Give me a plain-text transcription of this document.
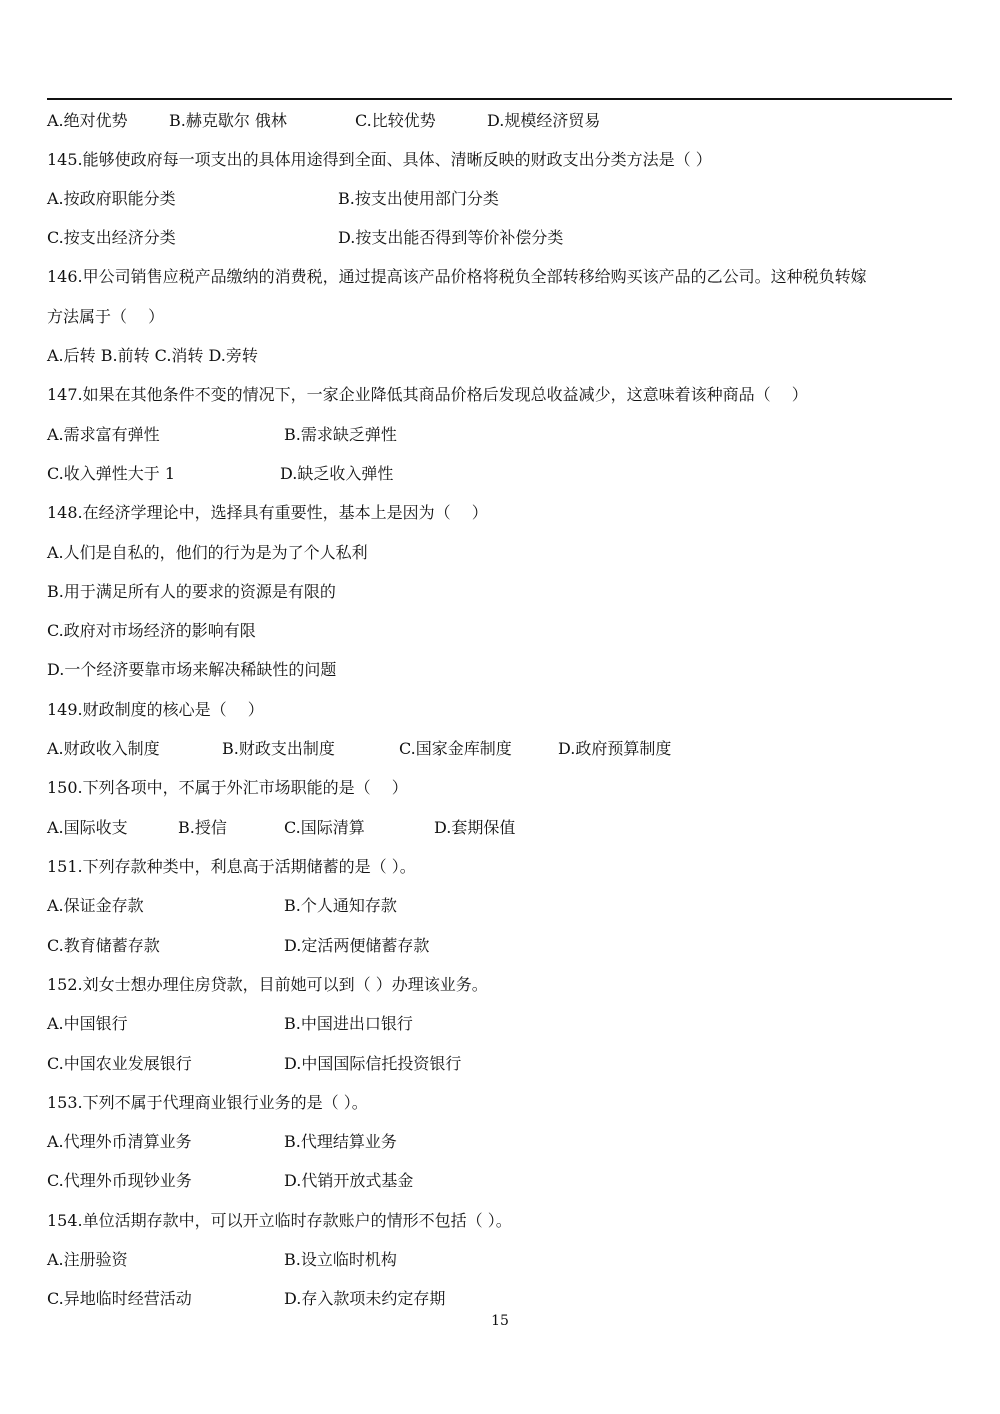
A.绝对优势	B.赫克歇尔 俄林	C.比较优势	D.规模经济贸易
145.能够使政府每一项支出的具体用途得到全面、具体、清晰反映的财政支出分类方法是（ ）
A.按政府职能分类	B.按支出使用部门分类
C.按支出经济分类	D.按支出能否得到等价补偿分类
146.甲公司销售应税产品缴纳的消费税，通过提高该产品价格将税负全部转移给购买该产品的乙公司。这种税负转嫁
方法属于（　 ）
A.后转 B.前转 C.消转 D.旁转
147.如果在其他条件不变的情况下，一家企业降低其商品价格后发现总收益减少，这意味着该种商品（　 ）
A.需求富有弹性	B.需求缺乏弹性
C.收入弹性大于 1	D.缺乏收入弹性
148.在经济学理论中，选择具有重要性，基本上是因为（　 ）
A.人们是自私的，他们的行为是为了个人私利
B.用于满足所有人的要求的资源是有限的
C.政府对市场经济的影响有限
D.一个经济要靠市场来解决稀缺性的问题
149.财政制度的核心是（　 ）
A.财政收入制度	B.财政支出制度	C.国家金库制度	D.政府预算制度
150.下列各项中，不属于外汇市场职能的是（　 ）
A.国际收支	B.授信	C.国际清算	D.套期保值
151.下列存款种类中，利息高于活期储蓄的是（ ）。
A.保证金存款	B.个人通知存款
C.教育储蓄存款	D.定活两便储蓄存款
152.刘女士想办理住房贷款，目前她可以到（ ）办理该业务。
A.中国银行	B.中国进出口银行
C.中国农业发展银行	D.中国国际信托投资银行
153.下列不属于代理商业银行业务的是（ ）。
A.代理外币清算业务	B.代理结算业务
C.代理外币现钞业务	D.代销开放式基金
154.单位活期存款中，可以开立临时存款账户的情形不包括（ ）。
A.注册验资	B.设立临时机构
C.异地临时经营活动	D.存入款项未约定存期
15
